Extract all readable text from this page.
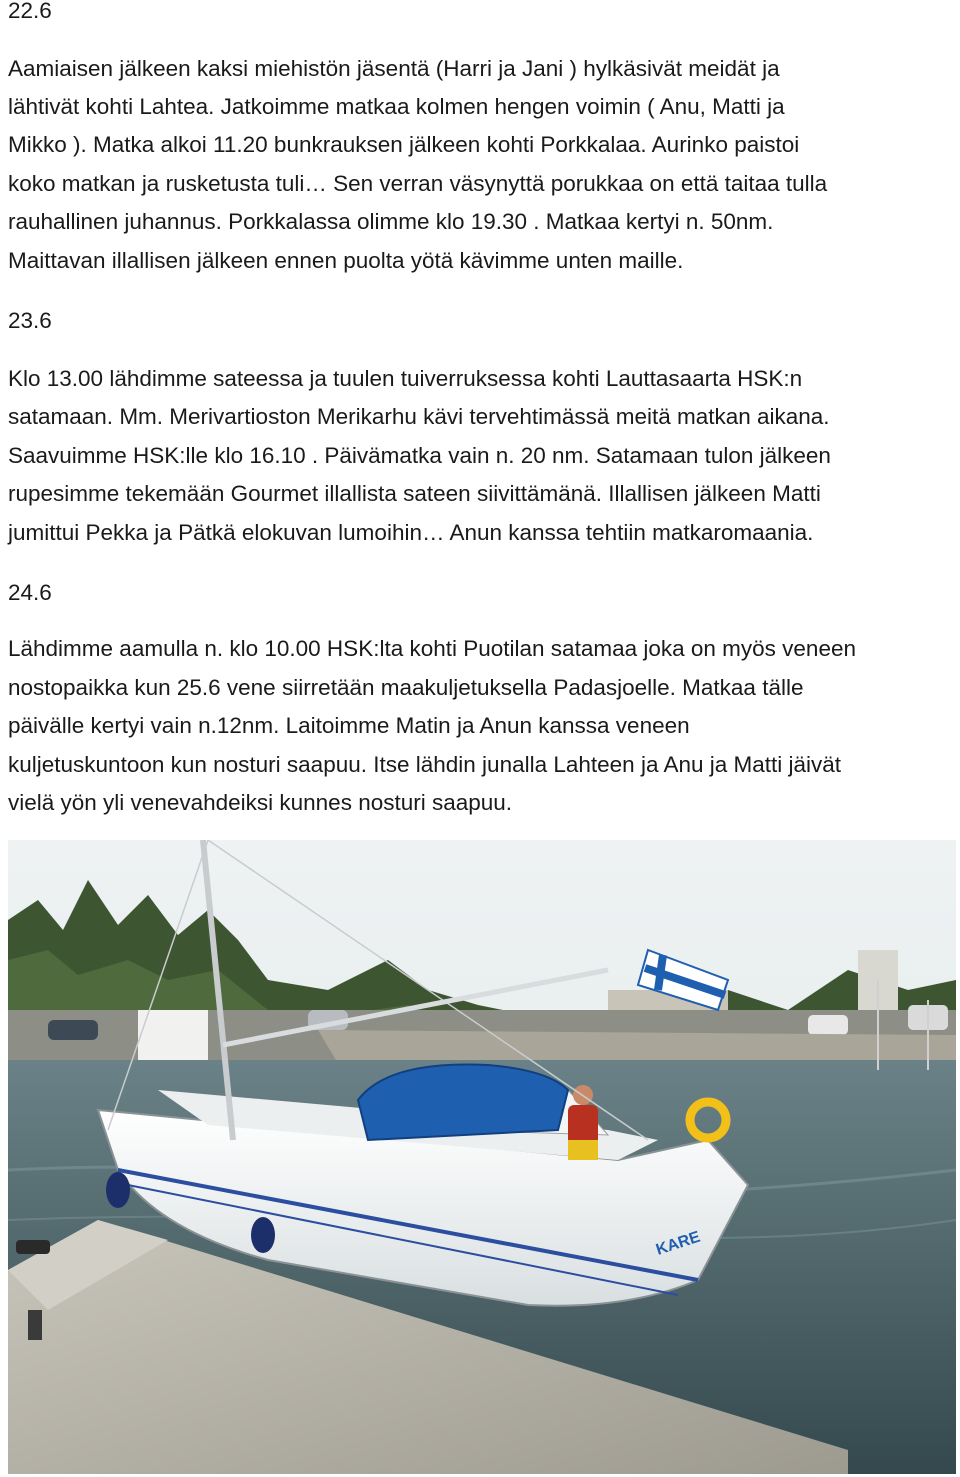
22.6

Aamiaisen jälkeen kaksi miehistön jäsentä (Harri ja Jani ) hylkäsivät meidät ja

lähtivät kohti Lahtea. Jatkoimme matkaa kolmen hengen voimin ( Anu, Matti ja

Mikko ). Matka alkoi 11.20 bunkrauksen jälkeen kohti Porkkalaa. Aurinko paistoi

koko matkan ja rusketusta tuli… Sen verran väsynyttä porukkaa on että taitaa tulla

rauhallinen juhannus. Porkkalassa olimme klo 19.30 . Matkaa kertyi n. 50nm.

Maittavan illallisen jälkeen ennen puolta yötä kävimme unten maille.

23.6

Klo 13.00 lähdimme sateessa ja tuulen tuiverruksessa kohti Lauttasaarta HSK:n

satamaan. Mm. Merivartioston Merikarhu kävi tervehtimässä meitä matkan aikana.

Saavuimme HSK:lle klo 16.10 . Päivämatka vain n. 20 nm. Satamaan tulon jälkeen

rupesimme tekemään Gourmet illallista sateen siivittämänä. Illallisen jälkeen Matti

jumittui Pekka ja Pätkä elokuvan lumoihin… Anun kanssa tehtiin matkaromaania.

24.6

Lähdimme aamulla n. klo 10.00 HSK:lta kohti Puotilan satamaa joka on myös veneen

nostopaikka kun 25.6 vene siirretään maakuljetuksella Padasjoelle. Matkaa tälle

päivälle kertyi vain n.12nm. Laitoimme Matin ja Anun kanssa veneen

kuljetuskuntoon kun nosturi saapuu. Itse lähdin junalla Lahteen ja Anu ja Matti jäivät

vielä yön yli venevahdeiksi kunnes nosturi saapuu.

KARE
